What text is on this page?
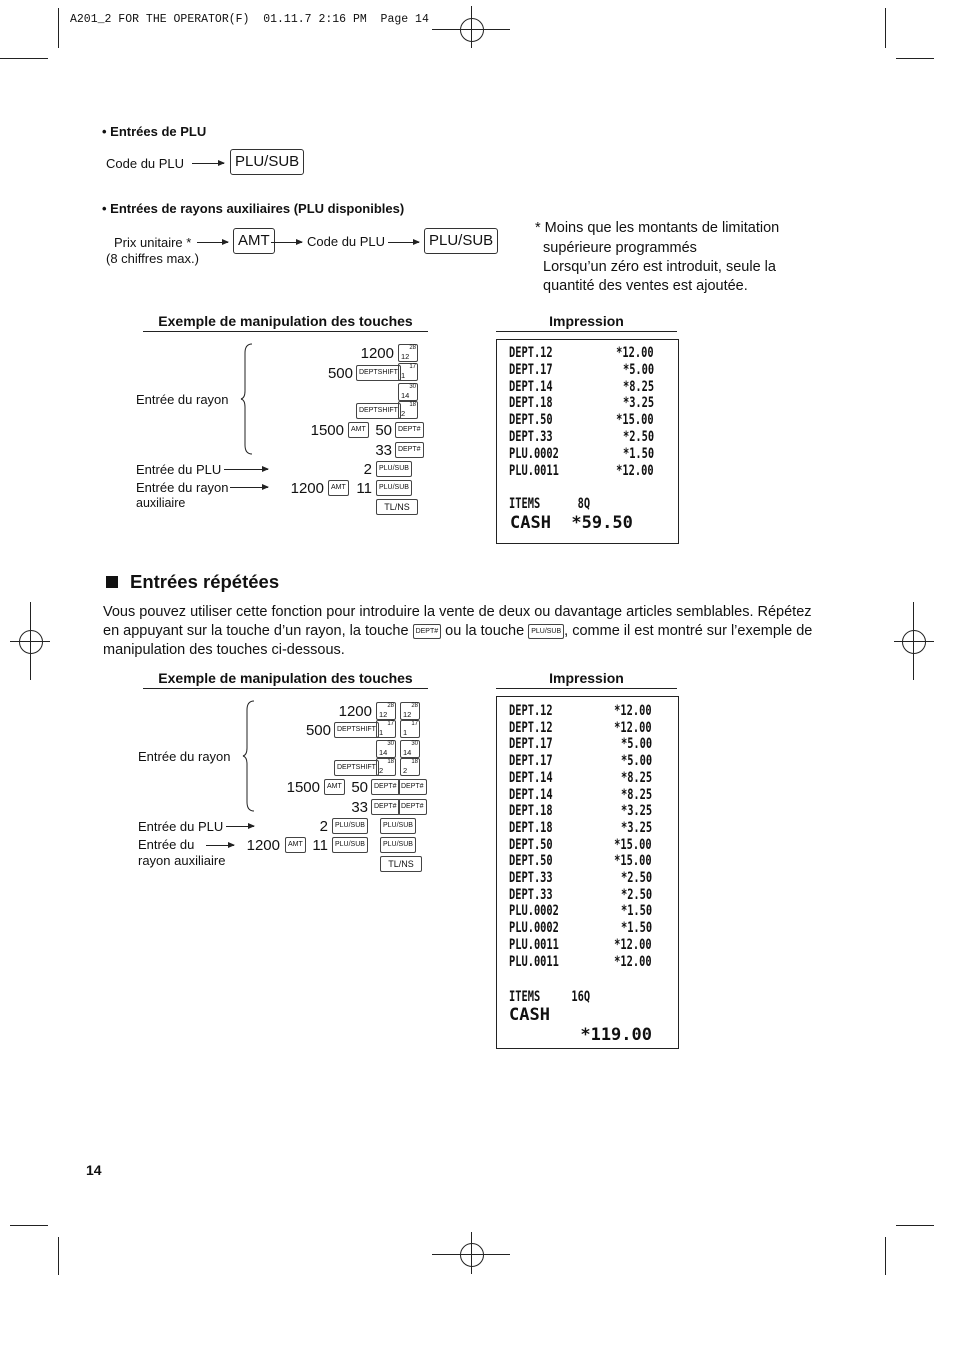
A201_2 FOR THE OPERATOR(F)  01.11.7 2:16 PM  Page 14
• Entrées de PLU
Code du PLU	PLU/SUB
• Entrées de rayons auxiliaires (PLU disponibles)
Prix unitaire *
(8 chiffres max.)
AMT	Code du PLU	PLU/SUB
* Moins que les montants de limitation
supérieure programmés
Lorsqu’un zéro est introduit, seule la
quantité des ventes est ajoutée.
Exemple de manipulation des touches	Impression
Entrée du rayon
Entrée du PLU
Entrée du rayon
auxiliaire
1200	28
12
500 DEPTSHIFT
17
1
30
14
DEPTSHIFT
18
2
1500	AMT 50 DEPT#
33 DEPT#
2	PLU/SUB
1200	AMT 11	PLU/SUB
TL/NS
DEPT.12	*12.00
DEPT.17	*5.00
DEPT.14	*8.25
DEPT.18	*3.25
DEPT.50	*15.00
DEPT.33	*2.50
PLU.0002	*1.50
PLU.0011	*12.00
ITEMS      8Q
CASH  *59.50
Entrées répétées
Vous pouvez utiliser cette fonction pour introduire la vente de deux ou davantage articles semblables. Répétez
en appuyant sur la touche d’un rayon, la touche DEPT# ou la touche PLU/SUB , comme il est montré sur l’exemple de
manipulation des touches ci-dessous.
Exemple de manipulation des touches	Impression
Entrée du rayon
Entrée du PLU
Entrée du
rayon auxiliaire
1200	28
12
28
12
500 DEPTSHIFT
17
1
17
1
30
14
30
14
DEPTSHIFT
18
2
18
2
1500	AMT 50 DEPT# DEPT#
33 DEPT# DEPT#
2	PLU/SUB	PLU/SUB
1200	AMT 11	PLU/SUB	PLU/SUB
TL/NS
DEPT.12	*12.00
DEPT.12	*12.00
DEPT.17	*5.00
DEPT.17	*5.00
DEPT.14	*8.25
DEPT.14	*8.25
DEPT.18	*3.25
DEPT.18	*3.25
DEPT.50	*15.00
DEPT.50	*15.00
DEPT.33	*2.50
DEPT.33	*2.50
PLU.0002	*1.50
PLU.0002	*1.50
PLU.0011	*12.00
PLU.0011	*12.00
ITEMS     16Q
CASH
*119.00
14
